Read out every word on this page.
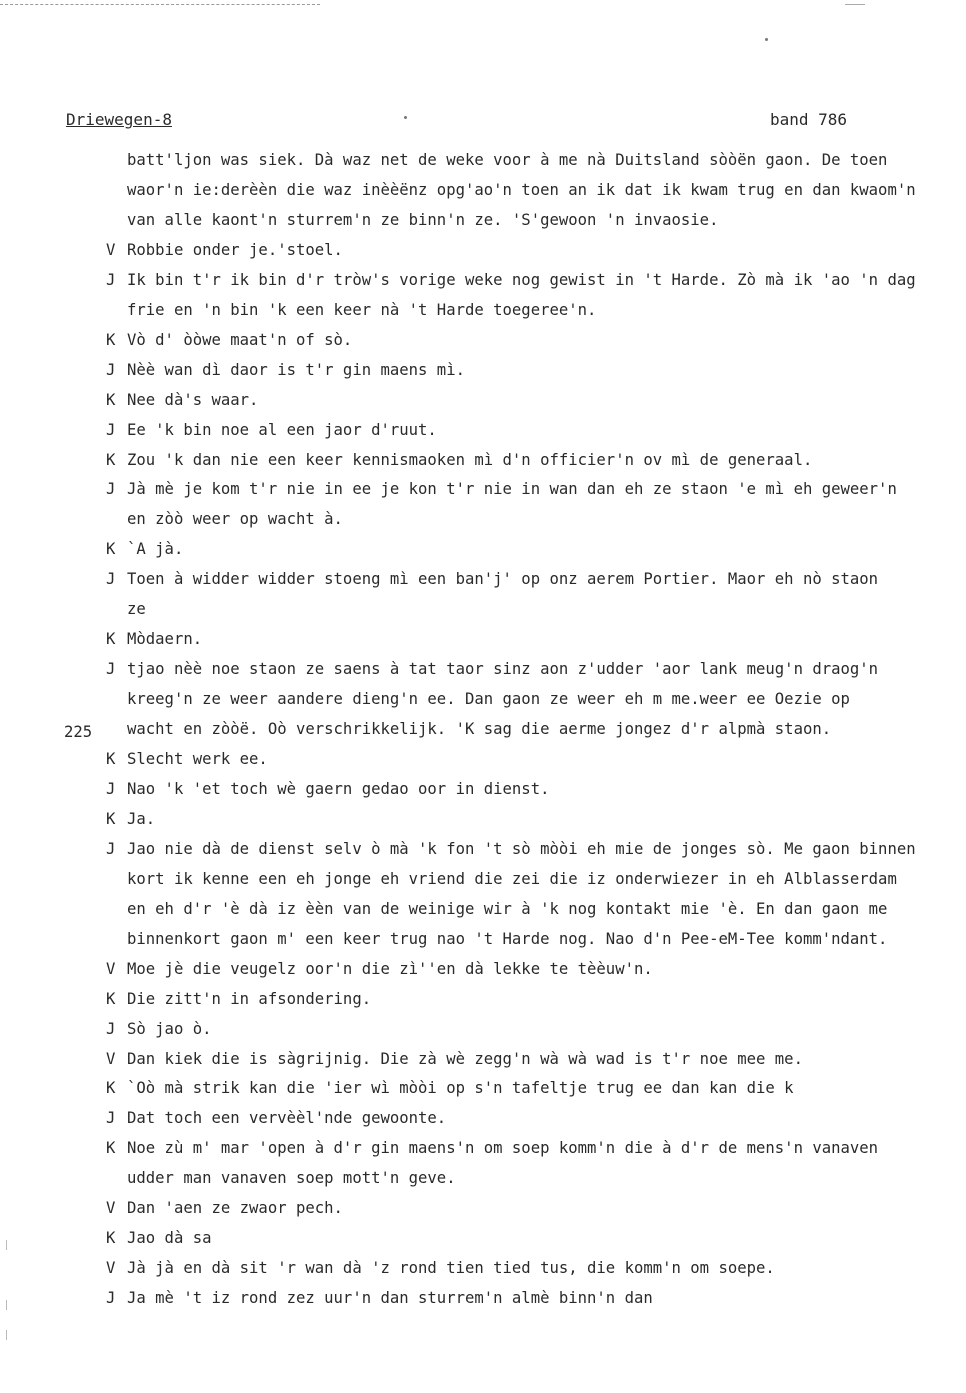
Driewegen-8	band 786
225
batt'ljon was siek. Dà waz net de weke voor à me nà Duitsland sòòën gaon. De toen
waor'n ie:derèèn die waz inèèënz opg'ao'n toen an ik dat ik kwam trug en dan kwaom'n
van alle kaont'n sturrem'n ze binn'n ze. 'S'gewoon 'n invaosie.
V Robbie onder je.'stoel.
J Ik bin t'r ik bin d'r tròw's vorige weke nog gewist in 't Harde. Zò mà ik 'ao 'n dag
frie en 'n bin 'k een keer nà 't Harde toegeree'n.
K Vò d' òòwe maat'n of sò.
J Nèè wan dì daor is t'r gin maens mì.
K Nee dà's waar.
J Ee 'k bin noe al een jaor d'ruut.
K Zou 'k dan nie een keer kennismaoken mì d'n officier'n ov mì de generaal.
J Jà mè je kom t'r nie in ee je kon t'r nie in wan dan eh ze staon 'e mì eh geweer'n
en zòò weer op wacht à.
K `A jà.
J Toen à widder widder stoeng mì een ban'j' op onz aerem Portier. Maor eh nò staon
ze
K Mòdaern.
J tjao nèè noe staon ze saens à tat taor sinz aon z'udder 'aor lank meug'n draog'n
kreeg'n ze weer aandere dieng'n ee. Dan gaon ze weer eh m me.weer ee Oezie op
wacht en zòòë. Oò verschrikkelijk. 'K sag die aerme jongez d'r alpmà staon.
K Slecht werk ee.
J Nao 'k 'et toch wè gaern gedao oor in dienst.
K Ja.
J Jao nie dà de dienst selv ò mà 'k fon 't sò mòòi eh mie de jonges sò. Me gaon binnen
kort ik kenne een eh jonge eh vriend die zei die iz onderwiezer in eh Alblasserdam
en eh d'r 'è dà iz èèn van de weinige wir à 'k nog kontakt mie 'è. En dan gaon me
binnenkort gaon m' een keer trug nao 't Harde nog. Nao d'n Pee-eM-Tee komm'ndant.
V Moe jè die veugelz oor'n die zì''en dà lekke te tèèuw'n.
K Die zitt'n in afsondering.
J Sò jao ò.
V Dan kiek die is sàgrijnig. Die zà wè zegg'n wà wà wad is t'r noe mee me.
K `Oò mà strik kan die 'ier wì mòòi op s'n tafeltje trug ee dan kan die k
J Dat toch een vervèèl'nde gewoonte.
K Noe zù m' mar 'open à d'r gin maens'n om soep komm'n die à d'r de mens'n vanaven
udder man vanaven soep mott'n geve.
V Dan 'aen ze zwaor pech.
K Jao dà sa
V Jà jà en dà sit 'r wan dà 'z rond tien tied tus, die komm'n om soepe.
J Ja mè 't iz rond zez uur'n dan sturrem'n almè binn'n dan
